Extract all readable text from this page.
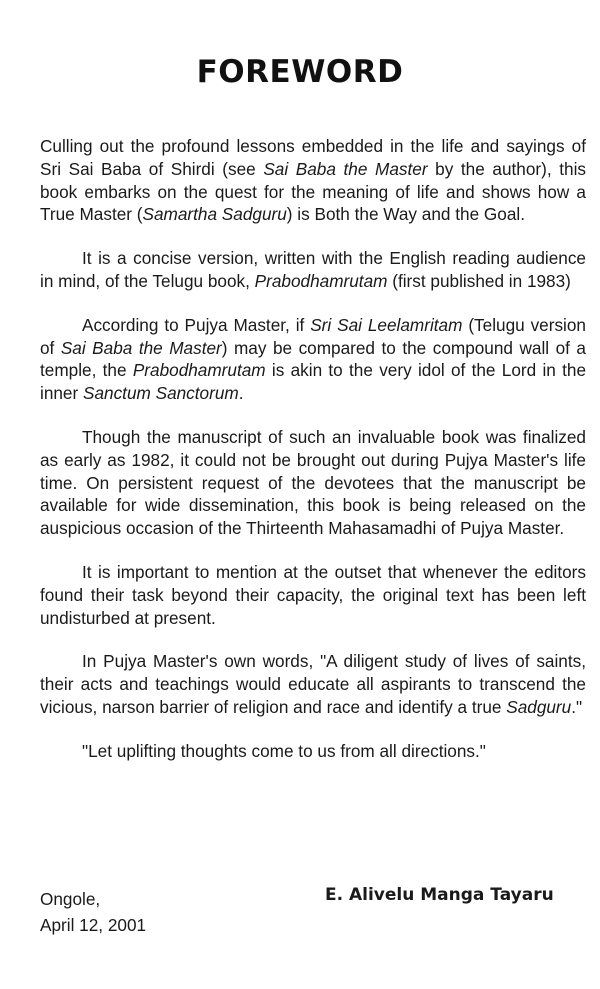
FOREWORD

Culling out the profound lessons embedded in the life and sayings of Sri Sai Baba of Shirdi (see Sai Baba the Master by the author), this book embarks on the quest for the meaning of life and shows how a True Master (Samartha Sadguru) is Both the Way and the Goal.

It is a concise version, written with the English reading audience in mind, of the Telugu book, Prabodhamrutam (first published in 1983)

According to Pujya Master, if Sri Sai Leelamritam (Telugu version of Sai Baba the Master) may be compared to the compound wall of a temple, the Prabodhamrutam is akin to the very idol of the Lord in the inner Sanctum Sanctorum.

Though the manuscript of such an invaluable book was finalized as early as 1982, it could not be brought out during Pujya Master's life time. On persistent request of the devotees that the manuscript be available for wide dissemination, this book is being released on the auspicious occasion of the Thirteenth Mahasamadhi of Pujya Master.

It is important to mention at the outset that whenever the editors found their task beyond their capacity, the original text has been left undisturbed at present.

In Pujya Master's own words, "A diligent study of lives of saints, their acts and teachings would educate all aspirants to transcend the vicious, narson barrier of religion and race and identify a true Sadguru."

"Let uplifting thoughts come to us from all directions."

Ongole,
April 12, 2001
E. Alivelu Manga Tayaru
